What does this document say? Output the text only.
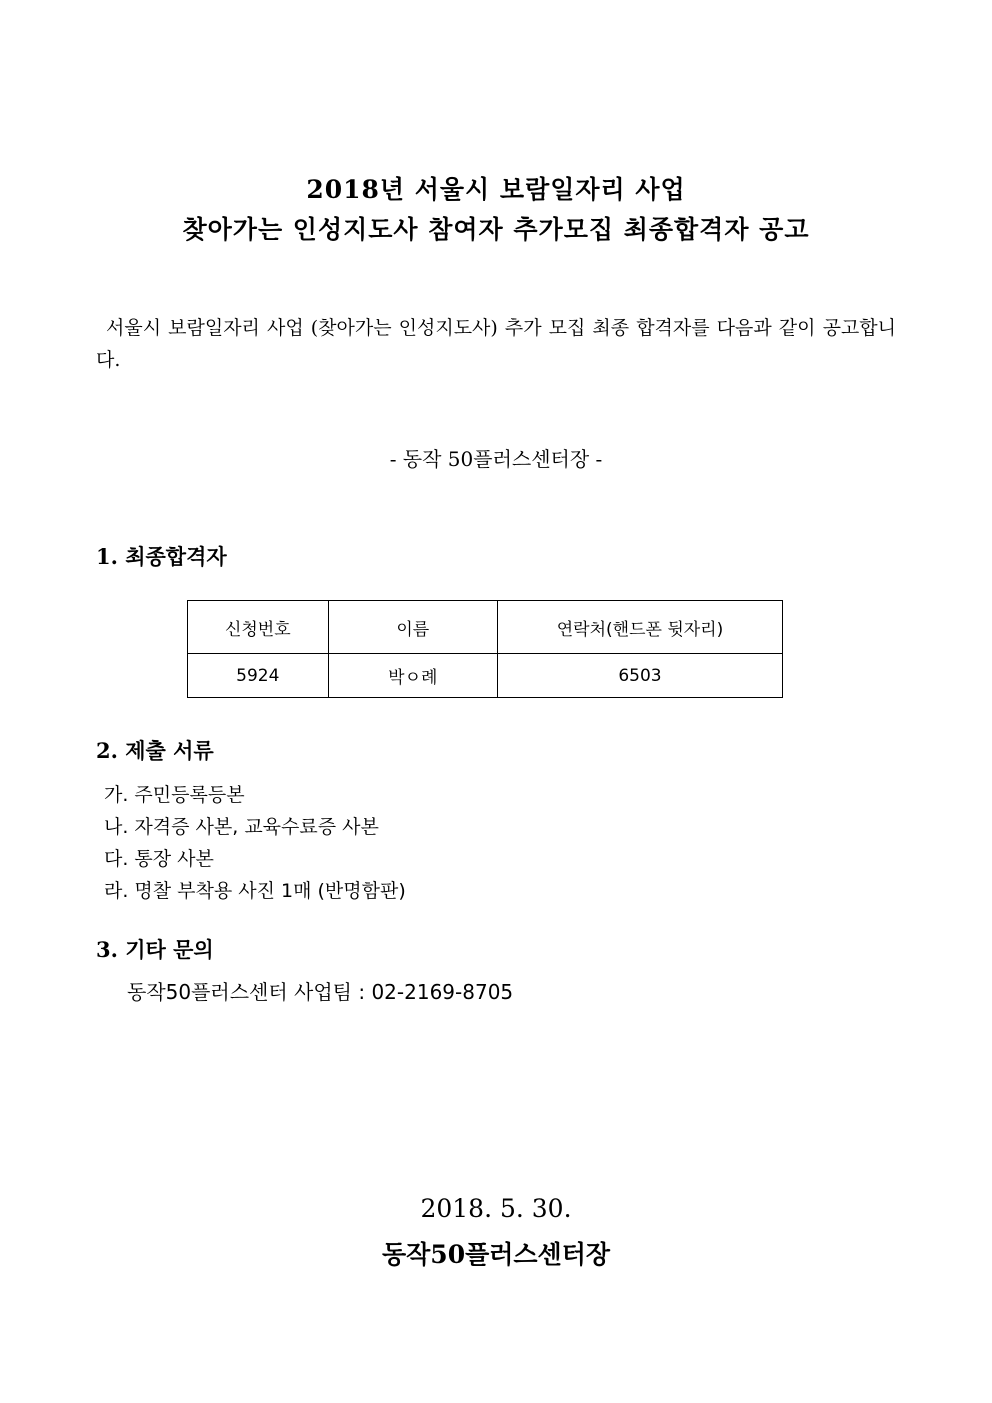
2018년 서울시 보람일자리 사업
찾아가는 인성지도사 참여자 추가모집 최종합격자 공고
서울시 보람일자리 사업 (찾아가는 인성지도사) 추가 모집 최종 합격자를 다음과 같이 공고합니다.
- 동작 50플러스센터장 -
1. 최종합격자
신청번호	이름	연락처(핸드폰 뒷자리)
5924	박ㅇ례	6503
2. 제출 서류
가. 주민등록등본
나. 자격증 사본, 교육수료증 사본
다. 통장 사본
라. 명찰 부착용 사진 1매 (반명함판)
3. 기타 문의
동작50플러스센터 사업팀 : 02-2169-8705
2018. 5. 30.
동작50플러스센터장
